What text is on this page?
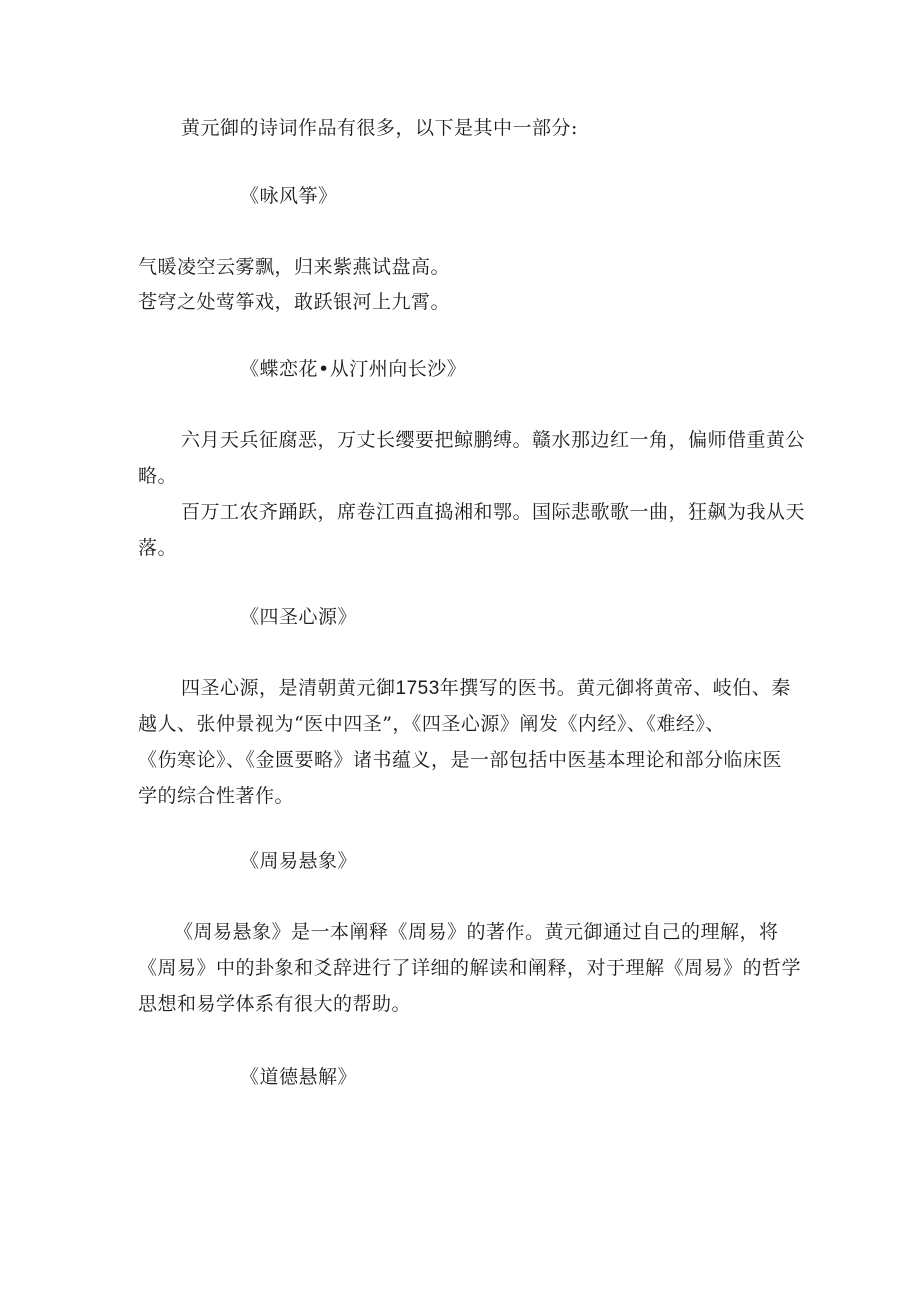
黄元御的诗词作品有很多，以下是其中一部分:
《咏风筝》
气暖凌空云雾飘，归来紫燕试盘高。
苍穹之处莺筝戏，敢跃银河上九霄。
《蝶恋花•从汀州向长沙》
六月天兵征腐恶，万丈长缨要把鲸鹏缚。赣水那边红一角，偏师借重黄公
略。
百万工农齐踊跃，席卷江西直捣湘和鄂。国际悲歌歌一曲，狂飙为我从天
落。
《四圣心源》
四圣心源，是清朝黄元御1753年撰写的医书。黄元御将黄帝、岐伯、秦
越人、张仲景视为“医中四圣”，《四圣心源》阐发《内经》、《难经》、
《伤寒论》、《金匮要略》诸书蕴义，是一部包括中医基本理论和部分临床医
学的综合性著作。
《周易悬象》
《周易悬象》是一本阐释《周易》的著作。黄元御通过自己的理解，将
《周易》中的卦象和爻辞进行了详细的解读和阐释，对于理解《周易》的哲学
思想和易学体系有很大的帮助。
《道德悬解》
